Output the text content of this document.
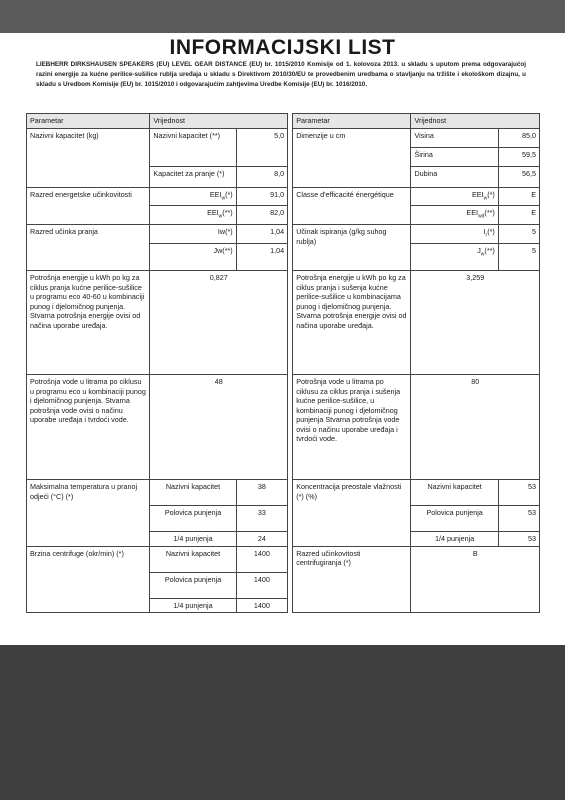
INFORMACIJSKI LIST
LIEBHERR DIRKSHAUSEN SPEAKERS (EU) LEVEL GEAR DISTANCE (EU) br. 1015/2010 Komisije od 1. kolovoza 2013. u skladu s uputom prema odgovarajućoj razini energije za kućne perilice-sušilice rublja uređaja u skladu s Direktivom 2010/30/EU te provedbenim uredbama o stavljanju na tržište i ekološkom dizajnu, u skladu s Uredbom Komisije (EU) br. 1015/2010 i odgovarajućim zahtjevima Uredbe Komisije (EU) br. 1016/2010.
Parametar	Vrijednost			Parametar	Vrijednost	
Nazivni kapacitet (kg)	Nazivni kapacitet (**)	5,0		Dimenzije u cm	Visina	85,0
					Širina	59,5
	Kapacitet za pranje (*)	8,0			Dubina	56,5
Razred energetske učinkovitosti	$EEI_w(*)$	91,0		Classe d'efficacité énergétique	$EEI_w(*)$	E
	$EEI_w(**)$	82,0			$EEI_{wd}(**)$	E
Razred učinka pranja	Iw(*)	1,04		Učinak ispiranja (g/kg suhog rublja)	$I_r(*)$	5
	Jw(**)	1,04			$J_w(**)$	5
Potrošnja energije u kWh po kg za ciklus pranja kućne perilice-sušilice u programu eco 40-60 u kombinaciji punog i djelomičnog punjenja. Stvarna potrošnja energije ovisi od načina uporabe uređaja.	0,827			Potrošnja energije u kWh po kg za ciklus pranja i sušenja kućne perilice-sušilice u kombinacijama punog i djelomičnog punjenja. Stvarna potrošnja energije ovisi od načina uporabe uređaja.	3,259	
Potrošnja vode u litrama po ciklusu u programu eco u kombinaciji punog i djelomičnog punjenja. Stvarna potrošnja vode ovisi o načinu uporabe uređaja i tvrdoći vode.	48			Potrošnja vode u litrama po ciklusu za ciklus pranja i sušenja kućne perilice-sušilice, u kombinaciji punog i djelomičnog punjenja Stvarna potrošnja vode ovisi o načinu uporabe uređaja i tvrdoći vode.	80	
Maksimalna temperatura u pranoj odjeći (°C) (*)	Nazivni kapacitet	38		Koncentracija preostale vlažnosti (*) (%)	Nazivni kapacitet	53
	Polovica punjenja	33			Polovica punjenja	53
	1/4 punjenja	24			1/4 punjenja	53
Brzina centrifuge (okr/min) (*)	Nazivni kapacitet	1400		Razred učinkovitosti centrifugiranja (*)	B	
	Polovica punjenja	1400				
	1/4 punjenja	1400				
